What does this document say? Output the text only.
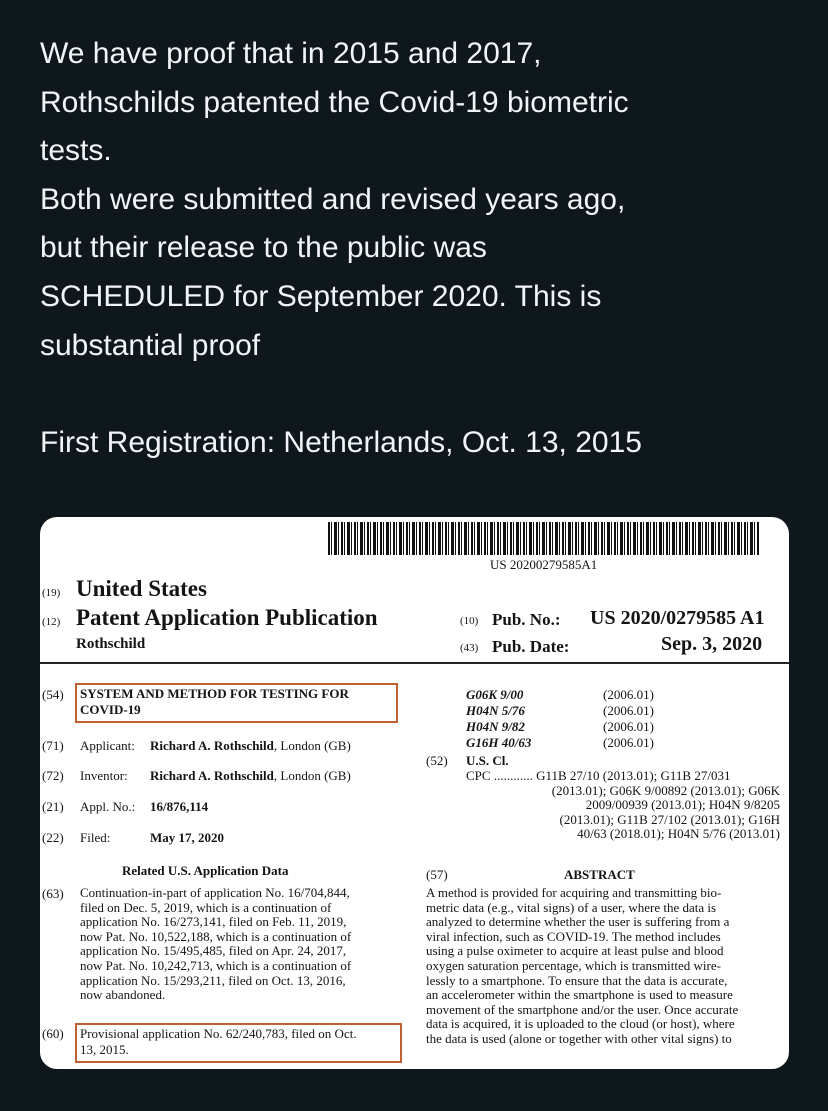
We have proof that in 2015 and 2017,
Rothschilds patented the Covid-19 biometric
tests.
Both were submitted and revised years ago,
but their release to the public was
SCHEDULED for September 2020. This is
substantial proof
First Registration: Netherlands, Oct. 13, 2015
US 20200279585A1
(19) United States
(12) Patent Application Publication
Rothschild
(10) Pub. No.: US 2020/0279585 A1
(43) Pub. Date:	Sep. 3, 2020
(54) SYSTEM AND METHOD FOR TESTING FOR
COVID-19
(71) Applicant: Richard A. Rothschild, London (GB)
(72) Inventor: Richard A. Rothschild, London (GB)
(21) Appl. No.: 16/876,114
(22) Filed:	May 17, 2020
Related U.S. Application Data
(63) Continuation-in-part of application No. 16/704,844,
filed on Dec. 5, 2019, which is a continuation of
application No. 16/273,141, filed on Feb. 11, 2019,
now Pat. No. 10,522,188, which is a continuation of
application No. 15/495,485, filed on Apr. 24, 2017,
now Pat. No. 10,242,713, which is a continuation of
application No. 15/293,211, filed on Oct. 13, 2016,
now abandoned.
(60) Provisional application No. 62/240,783, filed on Oct.
13, 2015.
G06K 9/00	(2006.01)
H04N 5/76	(2006.01)
H04N 9/82	(2006.01)
G16H 40/63	(2006.01)
(52) U.S. Cl.
CPC ............ G11B 27/10 (2013.01); G11B 27/031
(2013.01); G06K 9/00892 (2013.01); G06K
2009/00939 (2013.01); H04N 9/8205
(2013.01); G11B 27/102 (2013.01); G16H
40/63 (2018.01); H04N 5/76 (2013.01)
(57)	ABSTRACT
A method is provided for acquiring and transmitting bio-
metric data (e.g., vital signs) of a user, where the data is
analyzed to determine whether the user is suffering from a
viral infection, such as COVID-19. The method includes
using a pulse oximeter to acquire at least pulse and blood
oxygen saturation percentage, which is transmitted wire-
lessly to a smartphone. To ensure that the data is accurate,
an accelerometer within the smartphone is used to measure
movement of the smartphone and/or the user. Once accurate
data is acquired, it is uploaded to the cloud (or host), where
the data is used (alone or together with other vital signs) to
